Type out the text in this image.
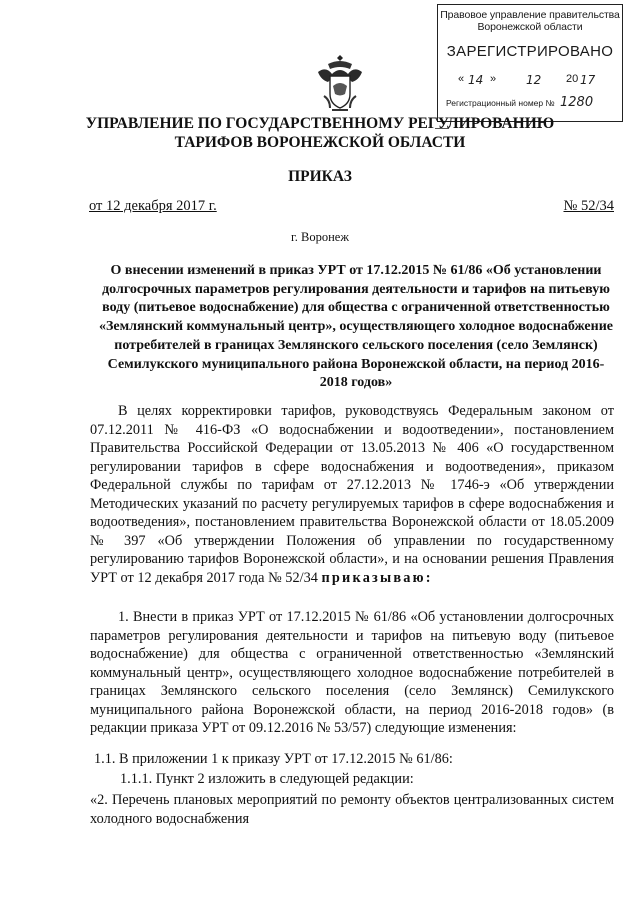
Правовое управление правительства Воронежской области
ЗАРЕГИСТРИРОВАНО
« 14 » 12 20 17
Регистрационный номер № 1280
УПРАВЛЕНИЕ ПО ГОСУДАРСТВЕННОМУ РЕГУЛИРОВАНИЮ ТАРИФОВ ВОРОНЕЖСКОЙ ОБЛАСТИ
ПРИКАЗ
от 12 декабря 2017 г.	№ 52/34
г. Воронеж
О внесении изменений в приказ УРТ от 17.12.2015 № 61/86 «Об установлении долгосрочных параметров регулирования деятельности и тарифов на питьевую воду (питьевое водоснабжение) для общества с ограниченной ответственностью «Землянский коммунальный центр», осуществляющего холодное водоснабжение потребителей в границах Землянского сельского поселения (село Землянск) Семилукского муниципального района Воронежской области, на период 2016-2018 годов»
В целях корректировки тарифов, руководствуясь Федеральным законом от 07.12.2011 № 416-ФЗ «О водоснабжении и водоотведении», постановлением Правительства Российской Федерации от 13.05.2013 № 406 «О государственном регулировании тарифов в сфере водоснабжения и водоотведения», приказом Федеральной службы по тарифам от 27.12.2013 № 1746-э «Об утверждении Методических указаний по расчету регулируемых тарифов в сфере водоснабжения и водоотведения», постановлением правительства Воронежской области от 18.05.2009 № 397 «Об утверждении Положения об управлении по государственному регулированию тарифов Воронежской области», и на основании решения Правления УРТ от 12 декабря 2017 года № 52/34 приказываю:
1. Внести в приказ УРТ от 17.12.2015 № 61/86 «Об установлении долгосрочных параметров регулирования деятельности и тарифов на питьевую воду (питьевое водоснабжение) для общества с ограниченной ответственностью «Землянский коммунальный центр», осуществляющего холодное водоснабжение потребителей в границах Землянского сельского поселения (село Землянск) Семилукского муниципального района Воронежской области, на период 2016-2018 годов» (в редакции приказа УРТ от 09.12.2016 № 53/57) следующие изменения:
1.1. В приложении 1 к приказу УРТ от 17.12.2015 № 61/86:
1.1.1. Пункт 2 изложить в следующей редакции:
«2. Перечень плановых мероприятий по ремонту объектов централизованных систем холодного водоснабжения
